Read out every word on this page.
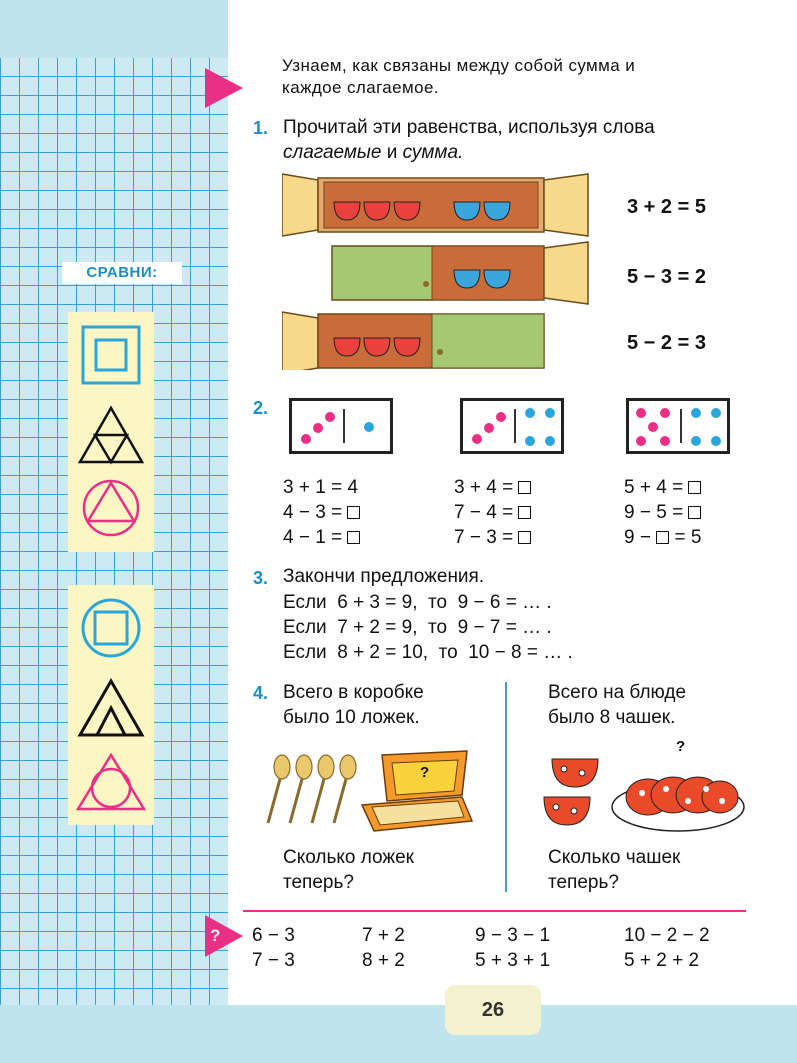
26
СРАВНИ:
Узнаем, как связаны между собой сумма и
каждое слагаемое.
1. Прочитай эти равенства, используя слова
слагаемые и сумма.
3 + 2 = 5
5 − 3 = 2
5 − 2 = 3
2.
3 + 1 = 4
4 − 3 =
4 − 1 =
3 + 4 =
7 − 4 =
7 − 3 =
5 + 4 =
9 − 5 =
9 − = 5
3. Закончи предложения.
Если  6 + 3 = 9,  то  9 − 6 = … .
Если  7 + 2 = 9,  то  9 − 7 = … .
Если  8 + 2 = 10,  то  10 − 8 = … .
4. Всего в коробке
было 10 ложек.
Всего на блюде
было 8 чашек.
?
?
Сколько ложек
теперь?
Сколько чашек
теперь?
? 6 − 3
7 − 3
7 + 2
8 + 2
9 − 3 − 1
5 + 3 + 1
10 − 2 − 2
5 + 2 + 2
